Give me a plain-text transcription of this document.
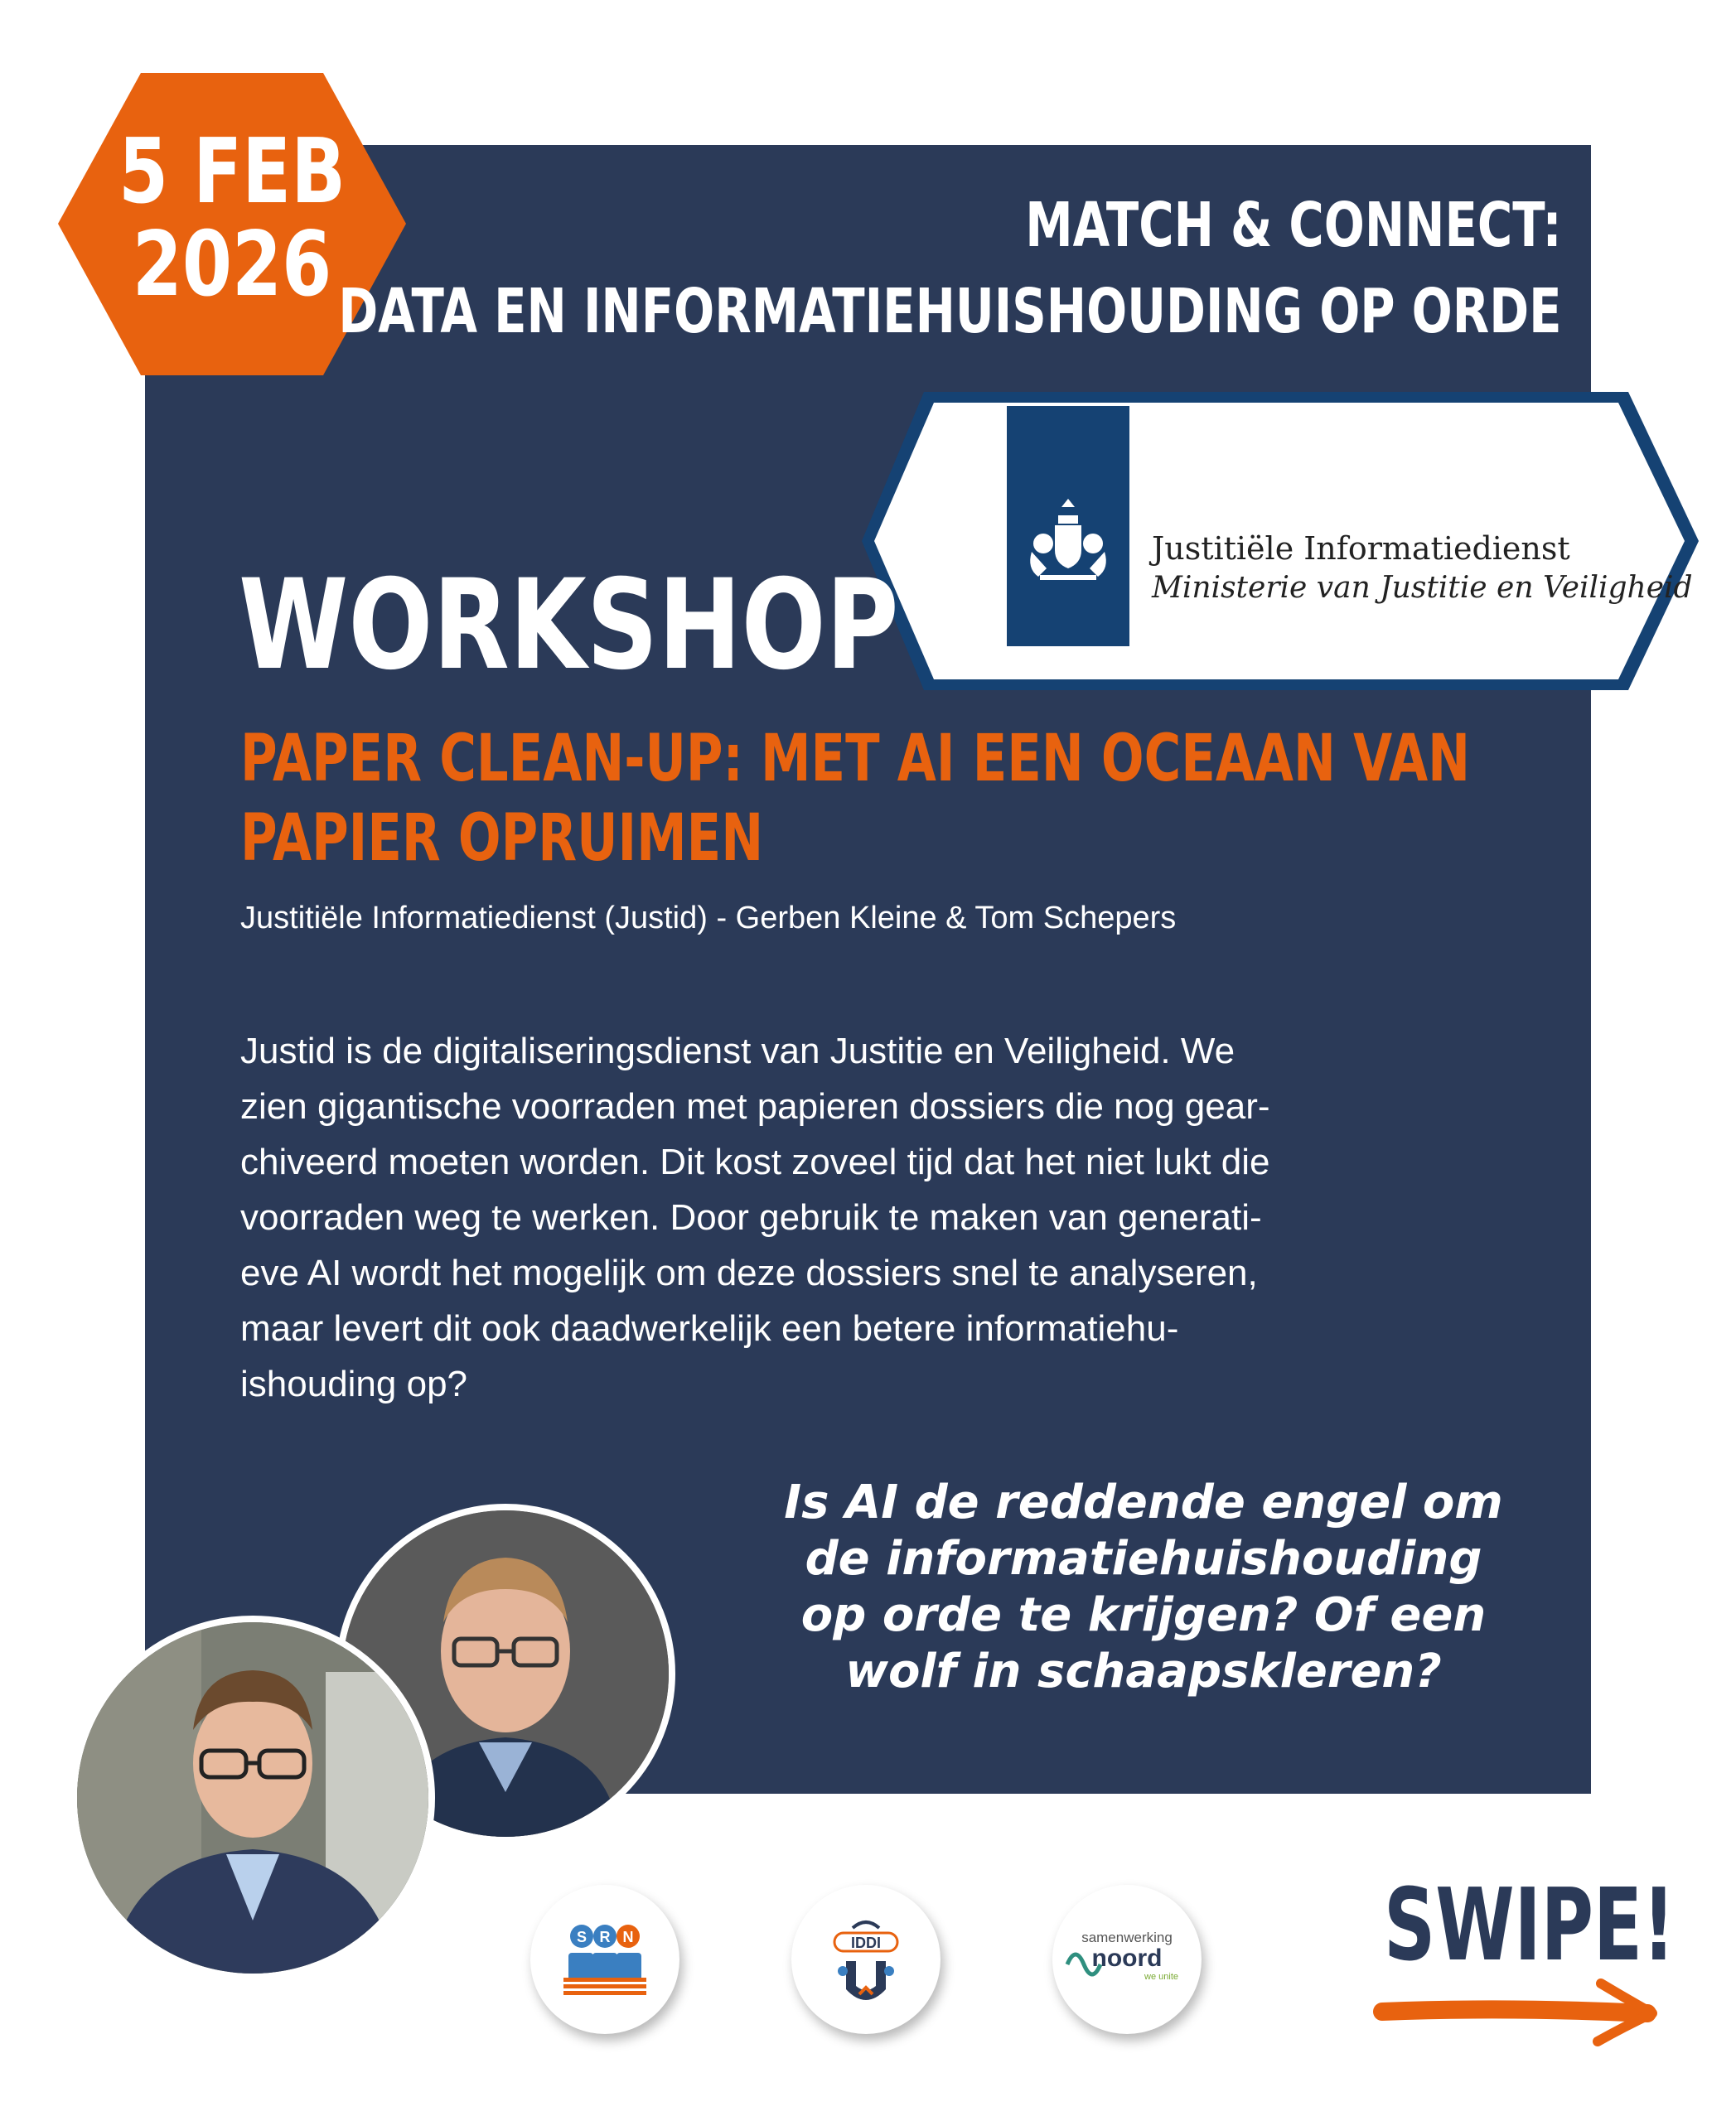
5 FEB
2026	MATCH & CONNECT:
DATA EN INFORMATIEHUISHOUDING OP ORDE
Justitiële Informatiedienst
Ministerie van Justitie en Veiligheid
WORKSHOP
PAPER CLEAN-UP: MET AI EEN OCEAAN VAN
PAPIER OPRUIMEN
Justitiële Informatiedienst (Justid) - Gerben Kleine & Tom Schepers
Justid is de digitaliseringsdienst van Justitie en Veiligheid. We
zien gigantische voorraden met papieren dossiers die nog gear-
chiveerd moeten worden. Dit kost zoveel tijd dat het niet lukt die
voorraden weg te werken. Door gebruik te maken van generati-
eve AI wordt het mogelijk om deze dossiers snel te analyseren,
maar levert dit ook daadwerkelijk een betere informatiehu-
ishouding op?
Is AI de reddende engel om
de informatiehuishouding
op orde te krijgen? Of een
wolf in schaapskleren?
S R N	IDDI	samenwerking
noord
we unite SWIPE!
